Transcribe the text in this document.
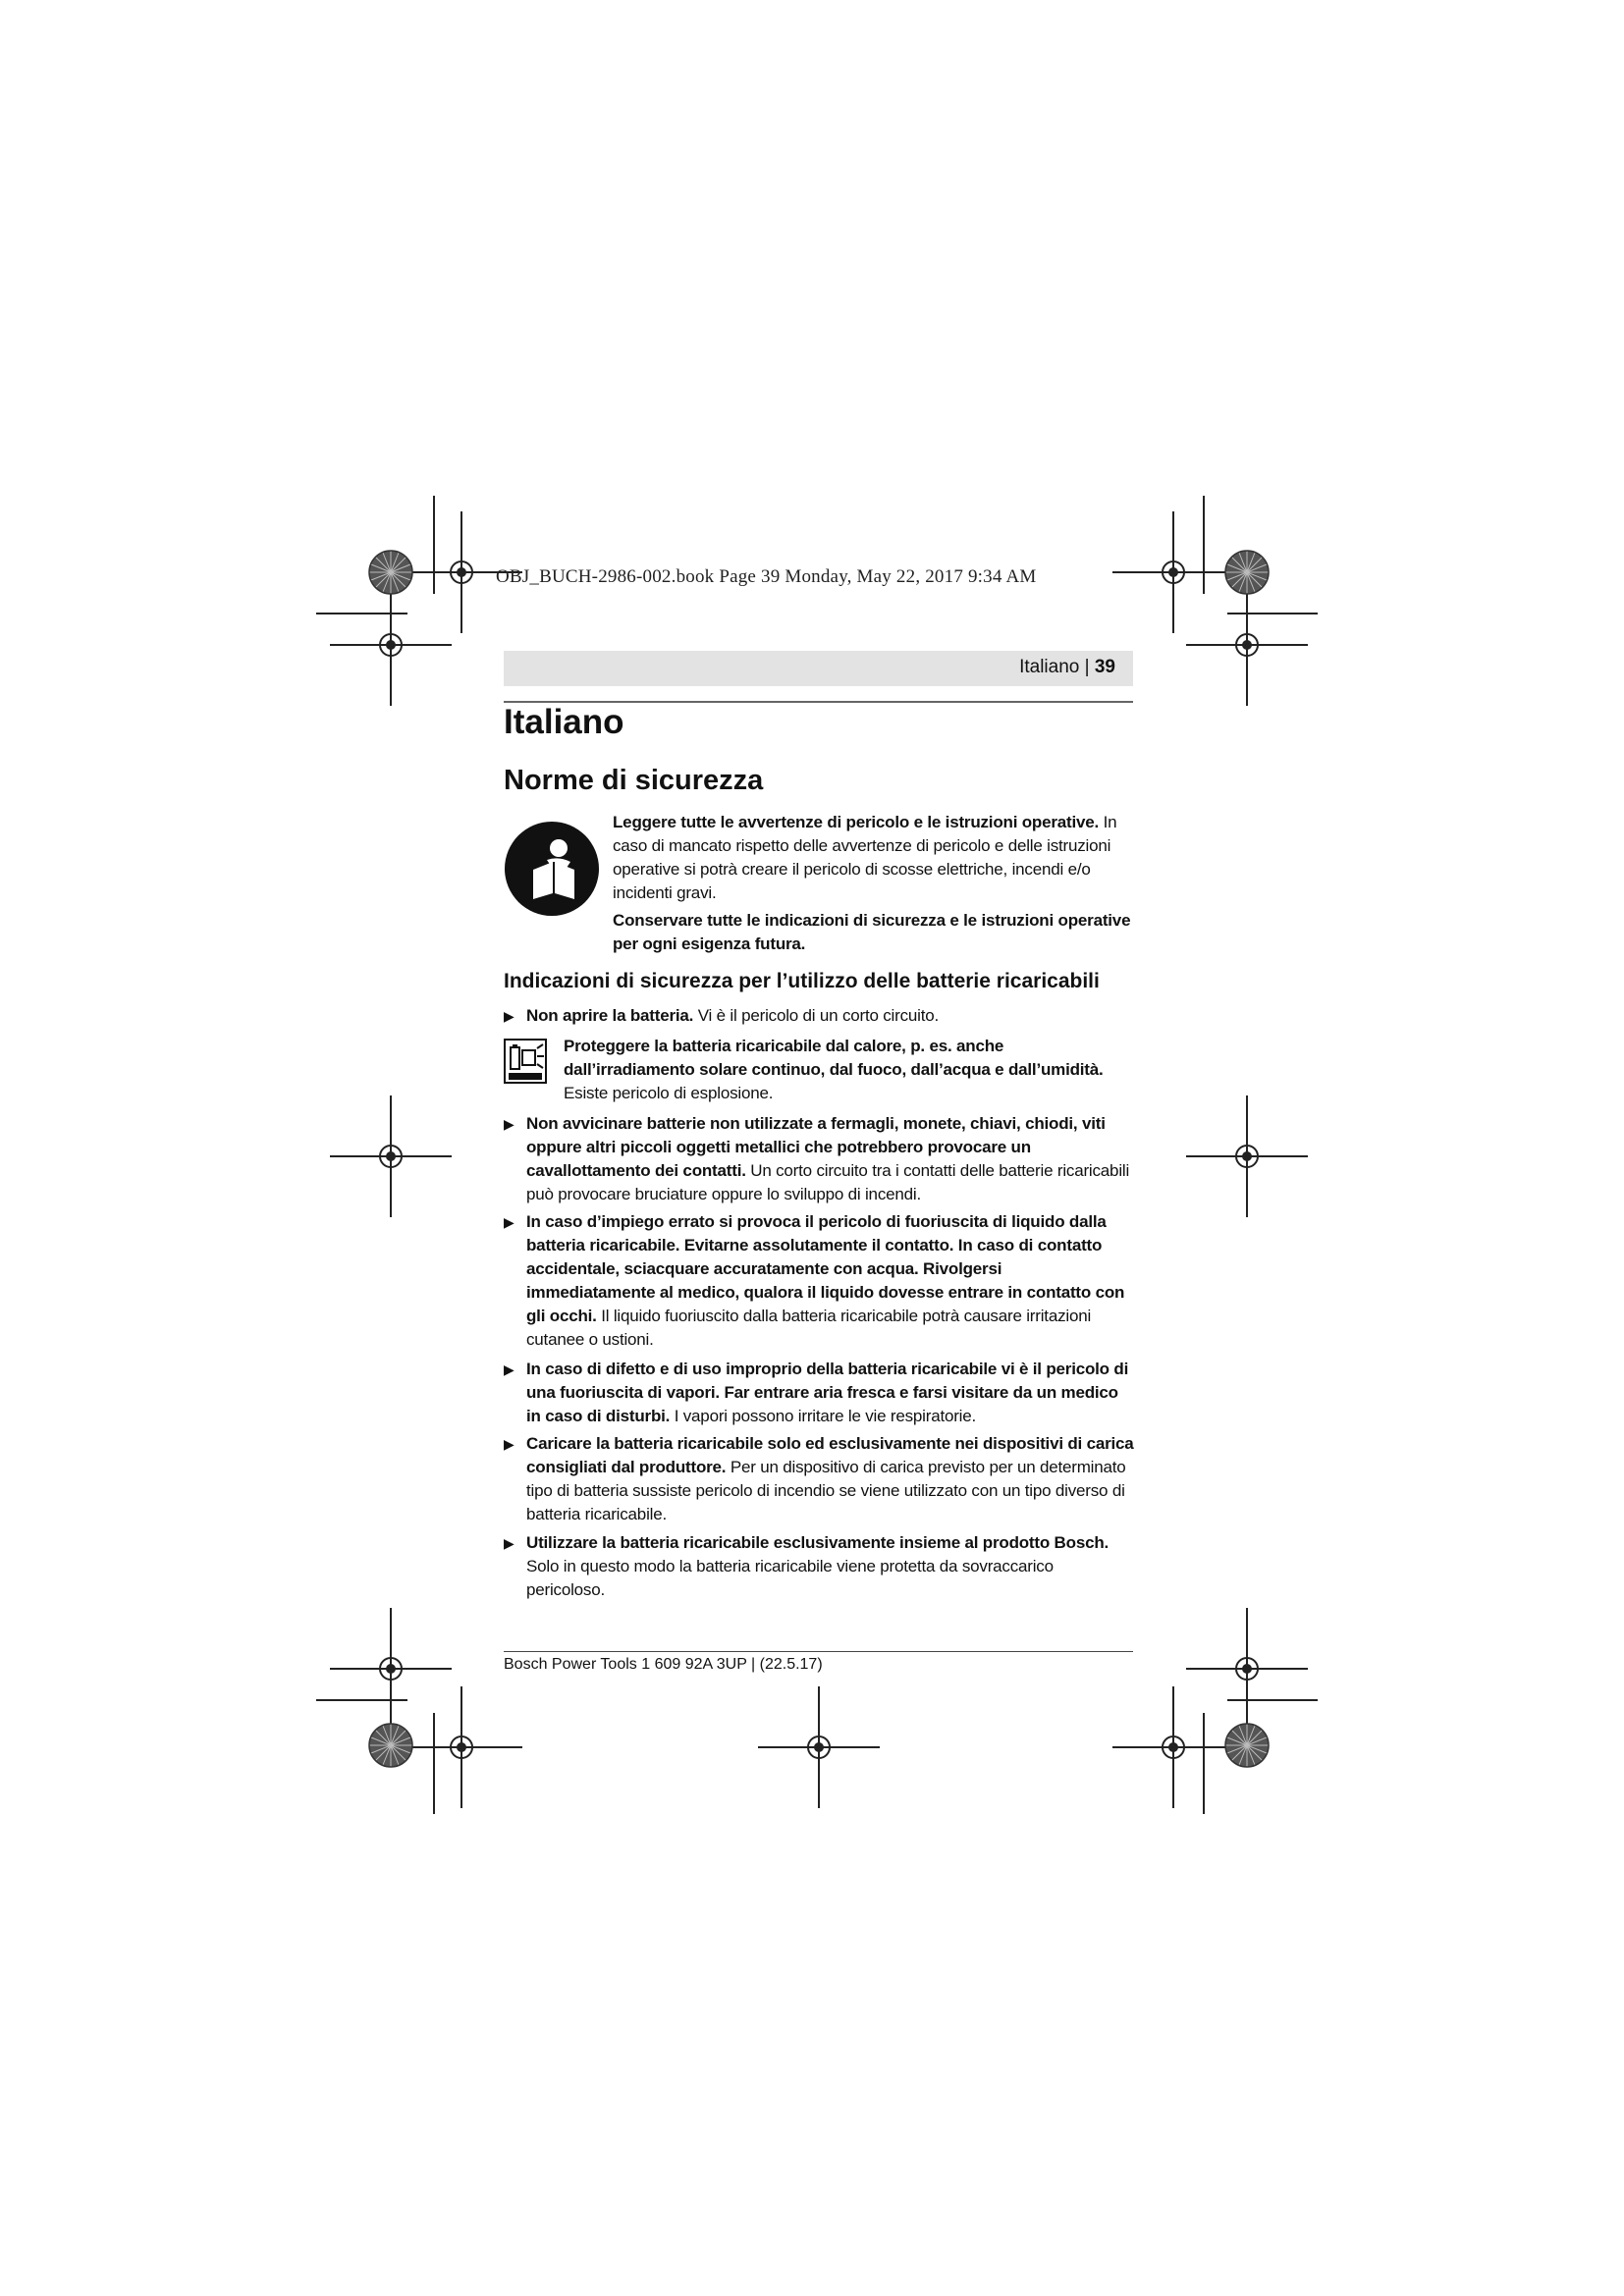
OBJ_BUCH-2986-002.book Page 39 Monday, May 22, 2017 9:34 AM
Italiano | 39
Italiano
Norme di sicurezza
Leggere tutte le avvertenze di pericolo e le istruzioni operative. In caso di mancato rispetto delle avvertenze di pericolo e delle istruzioni operative si potrà creare il pericolo di scosse elettriche, incendi e/o incidenti gravi.
Conservare tutte le indicazioni di sicurezza e le istruzioni operative per ogni esigenza futura.
Indicazioni di sicurezza per l’utilizzo delle batterie ricaricabili
▶ Non aprire la batteria. Vi è il pericolo di un corto circuito.
Proteggere la batteria ricaricabile dal calore, p. es. anche dall’irradiamento solare continuo, dal fuoco, dall’acqua e dall’umidità. Esiste pericolo di esplosione.
▶ Non avvicinare batterie non utilizzate a fermagli, monete, chiavi, chiodi, viti oppure altri piccoli oggetti metallici che potrebbero provocare un cavallottamento dei contatti. Un corto circuito tra i contatti delle batterie ricaricabili può provocare bruciature oppure lo sviluppo di incendi.
▶ In caso d’impiego errato si provoca il pericolo di fuoriuscita di liquido dalla batteria ricaricabile. Evitarne assolutamente il contatto. In caso di contatto accidentale, sciacquare accuratamente con acqua. Rivolgersi immediatamente al medico, qualora il liquido dovesse entrare in contatto con gli occhi. Il liquido fuoriuscito dalla batteria ricaricabile potrà causare irritazioni cutanee o ustioni.
▶ In caso di difetto e di uso improprio della batteria ricaricabile vi è il pericolo di una fuoriuscita di vapori. Far entrare aria fresca e farsi visitare da un medico in caso di disturbi. I vapori possono irritare le vie respiratorie.
▶ Caricare la batteria ricaricabile solo ed esclusivamente nei dispositivi di carica consigliati dal produttore. Per un dispositivo di carica previsto per un determinato tipo di batteria sussiste pericolo di incendio se viene utilizzato con un tipo diverso di batteria ricaricabile.
▶ Utilizzare la batteria ricaricabile esclusivamente insieme al prodotto Bosch. Solo in questo modo la batteria ricaricabile viene protetta da sovraccarico pericoloso.
Bosch Power Tools 1 609 92A 3UP | (22.5.17)
